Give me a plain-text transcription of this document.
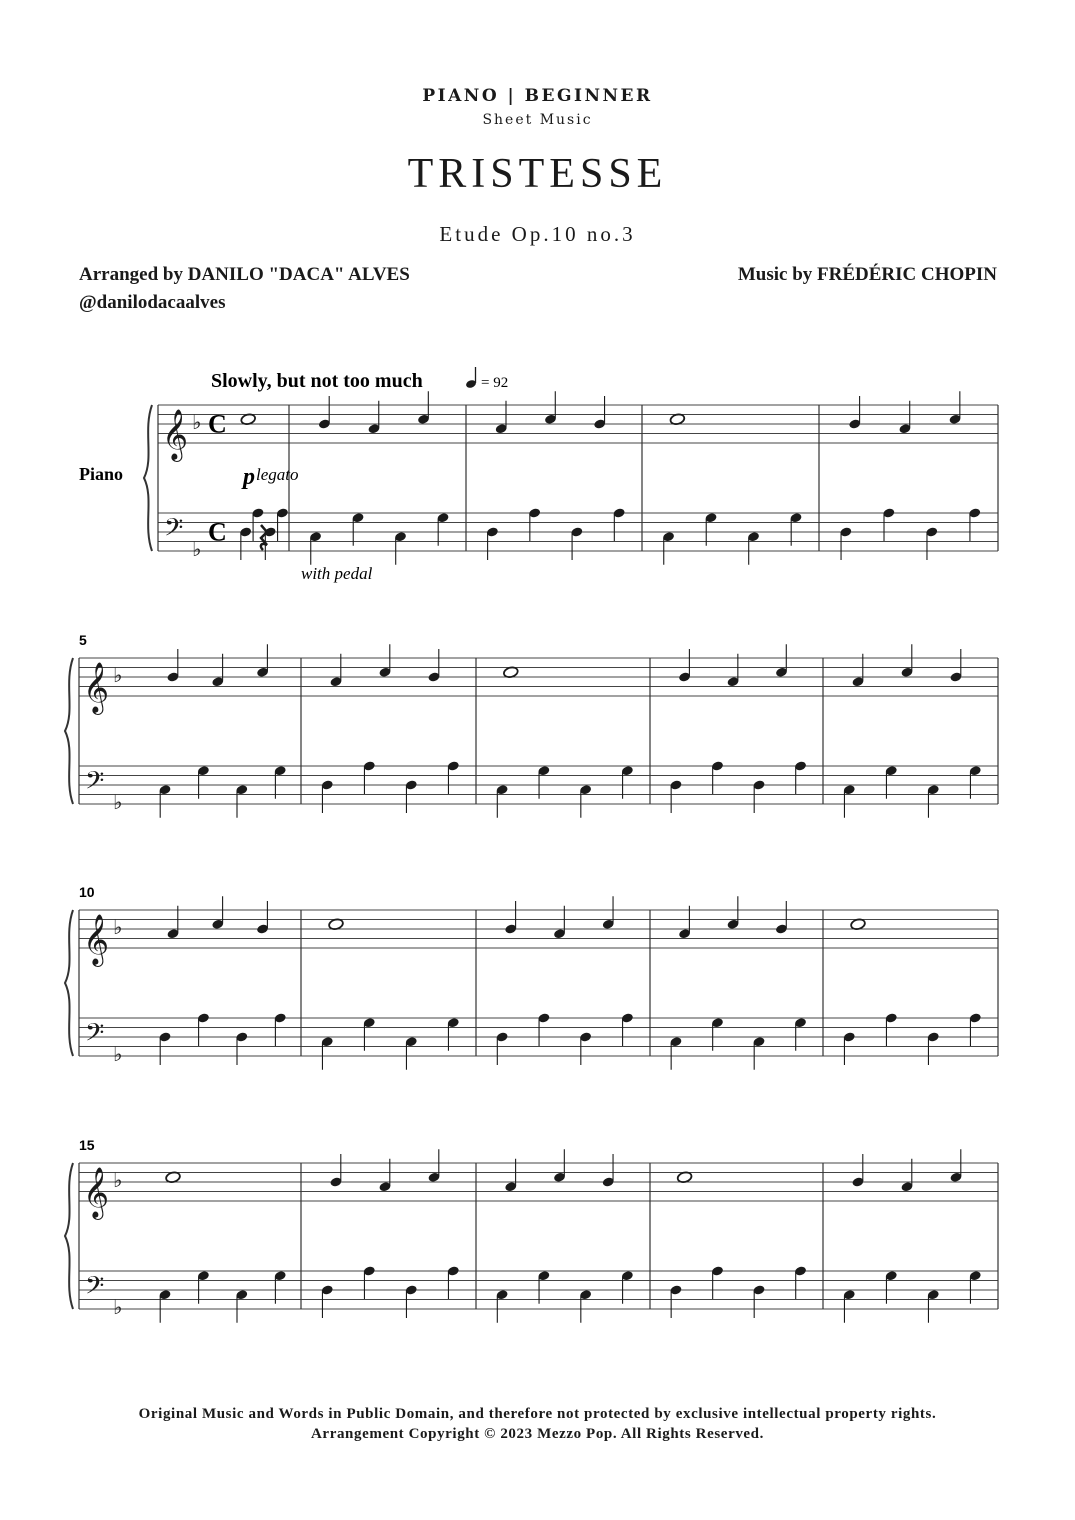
PIANO | BEGINNER
Sheet Music
TRISTESSE
Etude Op.10 no.3
Arranged by DANILO "DACA" ALVES
@danilodacaalves
Music by FRÉDÉRIC CHOPIN
Slowly, but not too much	= 92
Piano	p legato
with pedal
𝄞
𝄢
♭
♭
C
C
𝄞
𝄢
♭
♭
5
𝄞
𝄢
♭
♭
10
𝄞
𝄢
♭
♭
15
Original Music and Words in Public Domain, and therefore not protected by exclusive intellectual property rights.
Arrangement Copyright © 2023 Mezzo Pop. All Rights Reserved.
